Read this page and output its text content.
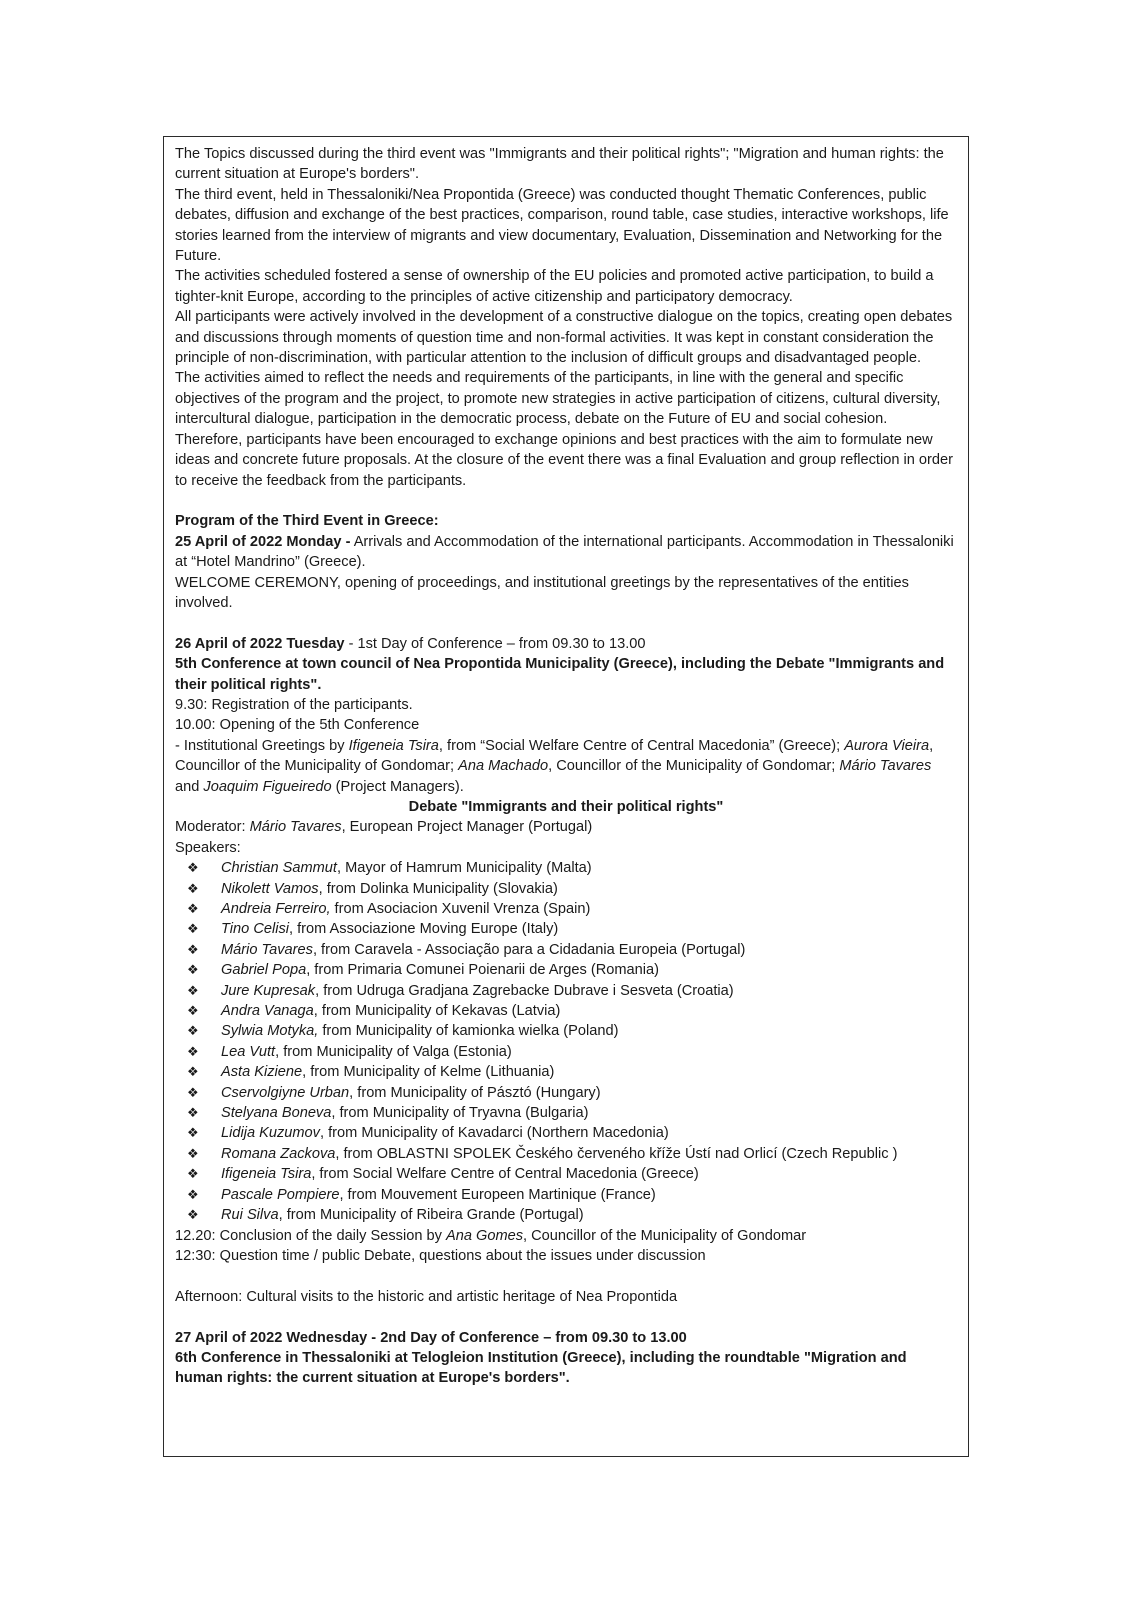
The Topics discussed during the third event was "Immigrants and their political rights"; "Migration and human rights: the current situation at Europe's borders".

The third event, held in Thessaloniki/Nea Propontida (Greece) was conducted thought Thematic Conferences, public debates, diffusion and exchange of the best practices, comparison, round table, case studies, interactive workshops, life stories learned from the interview of migrants and view documentary, Evaluation, Dissemination and Networking for the Future.

The activities scheduled fostered a sense of ownership of the EU policies and promoted active participation, to build a tighter-knit Europe, according to the principles of active citizenship and participatory democracy.

All participants were actively involved in the development of a constructive dialogue on the topics, creating open debates and discussions through moments of question time and non-formal activities. It was kept in constant consideration the principle of non-discrimination, with particular attention to the inclusion of difficult groups and disadvantaged people.

The activities aimed to reflect the needs and requirements of the participants, in line with the general and specific objectives of the program and the project, to promote new strategies in active participation of citizens, cultural diversity, intercultural dialogue, participation in the democratic process, debate on the Future of EU and social cohesion.

Therefore, participants have been encouraged to exchange opinions and best practices with the aim to formulate new ideas and concrete future proposals. At the closure of the event there was a final Evaluation and group reflection in order to receive the feedback from the participants.

Program of the Third Event in Greece:

25 April of 2022 Monday - Arrivals and Accommodation of the international participants. Accommodation in Thessaloniki at “Hotel Mandrino” (Greece).

WELCOME CEREMONY, opening of proceedings, and institutional greetings by the representatives of the entities involved.

26 April of 2022 Tuesday - 1st Day of Conference – from 09.30 to 13.00

5th Conference at town council of Nea Propontida Municipality (Greece), including the Debate "Immigrants and their political rights".

9.30: Registration of the participants.

10.00: Opening of the 5th Conference

- Institutional Greetings by Ifigeneia Tsira, from “Social Welfare Centre of Central Macedonia” (Greece); Aurora Vieira, Councillor of the Municipality of Gondomar; Ana Machado, Councillor of the Municipality of Gondomar; Mário Tavares and Joaquim Figueiredo (Project Managers).

Debate "Immigrants and their political rights"

Moderator: Mário Tavares, European Project Manager (Portugal)

Speakers:

❖ Christian Sammut, Mayor of Hamrum Municipality (Malta)
❖ Nikolett Vamos, from Dolinka Municipality (Slovakia)
❖ Andreia Ferreiro, from Asociacion Xuvenil Vrenza (Spain)
❖ Tino Celisi, from Associazione Moving Europe (Italy)
❖ Mário Tavares, from Caravela - Associação para a Cidadania Europeia (Portugal)
❖ Gabriel Popa, from Primaria Comunei Poienarii de Arges (Romania)
❖ Jure Kupresak, from Udruga Gradjana Zagrebacke Dubrave i Sesveta (Croatia)
❖ Andra Vanaga, from Municipality of Kekavas (Latvia)
❖ Sylwia Motyka, from Municipality of kamionka wielka (Poland)
❖ Lea Vutt, from Municipality of Valga (Estonia)
❖ Asta Kiziene, from Municipality of Kelme (Lithuania)
❖ Cservolgiyne Urban, from Municipality of Pásztó (Hungary)
❖ Stelyana Boneva, from Municipality of Tryavna (Bulgaria)
❖ Lidija Kuzumov, from Municipality of Kavadarci (Northern Macedonia)
❖ Romana Zackova, from OBLASTNI SPOLEK Českého červeného kříže Ústí nad Orlicí (Czech Republic )
❖ Ifigeneia Tsira, from Social Welfare Centre of Central Macedonia (Greece)
❖ Pascale Pompiere, from Mouvement Europeen Martinique (France)
❖ Rui Silva, from Municipality of Ribeira Grande (Portugal)

12.20: Conclusion of the daily Session by Ana Gomes, Councillor of the Municipality of Gondomar

12:30: Question time / public Debate, questions about the issues under discussion

Afternoon: Cultural visits to the historic and artistic heritage of Nea Propontida

27 April of 2022 Wednesday - 2nd Day of Conference – from 09.30 to 13.00

6th Conference in Thessaloniki at Telogleion Institution (Greece), including the roundtable "Migration and human rights: the current situation at Europe's borders".
